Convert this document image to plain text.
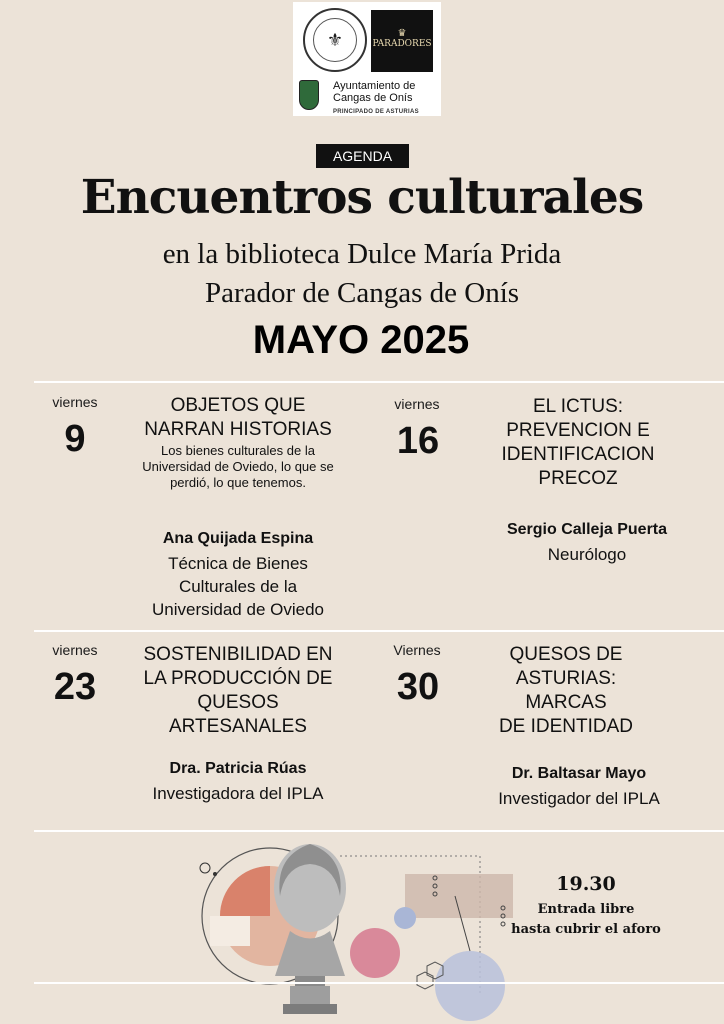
⚜	♛
PARADORES
Ayuntamiento de
Cangas de Onís
PRINCIPADO DE ASTURIAS
AGENDA
Encuentros culturales
en la biblioteca Dulce María Prida
Parador de Cangas de Onís
MAYO 2025
viernes
9
OBJETOS QUE
NARRAN HISTORIAS
Los bienes culturales de la
Universidad de Oviedo, lo que se
perdió, lo que tenemos.
Ana Quijada Espina
Técnica de Bienes
Culturales de la
Universidad de Oviedo
viernes
16
EL ICTUS:
PREVENCION E
IDENTIFICACION
PRECOZ
Sergio Calleja Puerta
Neurólogo
viernes
23
SOSTENIBILIDAD EN
LA PRODUCCIÓN DE
QUESOS
ARTESANALES
Dra. Patricia Rúas
Investigadora del IPLA
Viernes
30
QUESOS DE
ASTURIAS:
MARCAS
DE IDENTIDAD
Dr. Baltasar Mayo
Investigador del IPLA
19.30
Entrada libre
hasta cubrir el aforo
